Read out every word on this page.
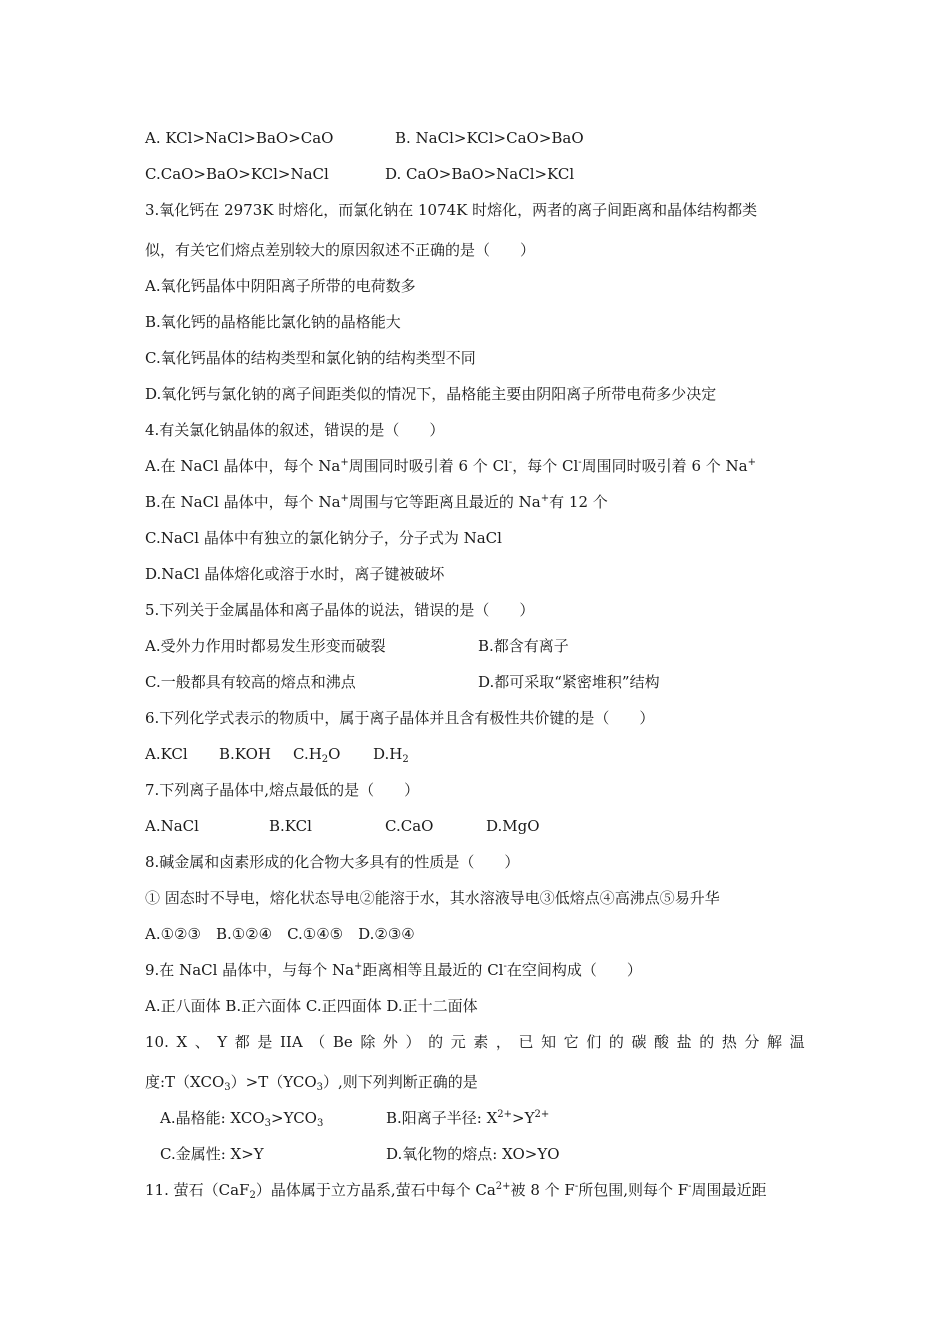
A. KCl>NaCl>BaO>CaO	B. NaCl>KCl>CaO>BaO
C.CaO>BaO>KCl>NaCl	D. CaO>BaO>NaCl>KCl
3.氧化钙在 2973K 时熔化，而氯化钠在 1074K 时熔化，两者的离子间距离和晶体结构都类
似，有关它们熔点差别较大的原因叙述不正确的是（　　）
A.氧化钙晶体中阴阳离子所带的电荷数多
B.氧化钙的晶格能比氯化钠的晶格能大
C.氧化钙晶体的结构类型和氯化钠的结构类型不同
D.氧化钙与氯化钠的离子间距类似的情况下，晶格能主要由阴阳离子所带电荷多少决定
4.有关氯化钠晶体的叙述，错误的是（　　）
A.在 NaCl 晶体中，每个 Na+周围同时吸引着 6 个 Cl-，每个 Cl-周围同时吸引着 6 个 Na+
B.在 NaCl 晶体中，每个 Na+周围与它等距离且最近的 Na+有 12 个
C.NaCl 晶体中有独立的氯化钠分子，分子式为 NaCl
D.NaCl 晶体熔化或溶于水时，离子键被破坏
5.下列关于金属晶体和离子晶体的说法，错误的是（　　）
A.受外力作用时都易发生形变而破裂	B.都含有离子
C.一般都具有较高的熔点和沸点	D.都可采取“紧密堆积”结构
6.下列化学式表示的物质中，属于离子晶体并且含有极性共价键的是（　　）
A.KCl B.KOH $C.H_2O$ $D.H_2$
7.下列离子晶体中,熔点最低的是（　　）
A.NaCl	B.KCl	C.CaO	D.MgO
8.碱金属和卤素形成的化合物大多具有的性质是（　　）
① 固态时不导电，熔化状态导电②能溶于水，其水溶液导电③低熔点④高沸点⑤易升华
A.①②③　B.①②④　C.①④⑤　D.②③④
9.在 NaCl 晶体中，与每个 Na+距离相等且最近的 Cl-在空间构成（　　）
A.正八面体 B.正六面体 C.正四面体 D.正十二面体
10. X 、 Y 都 是 IIA （ Be 除 外 ） 的 元 素 ， 已 知 它 们 的 碳 酸 盐 的 热 分 解 温
度$:T(XCO_3)>T(YCO_3)$,则下列判断正确的是
A.晶格能: $XCO_3>YCO_3$	B.阳离子半径: $X^{2+}>Y^{2+}$
C.金属性: X>Y	D.氧化物的熔点: XO>YO
11. 萤石（CaF$_2$）晶体属于立方晶系,萤石中每个 $Ca^{2+}$被 8 个 F-所包围,则每个 F-周围最近距
